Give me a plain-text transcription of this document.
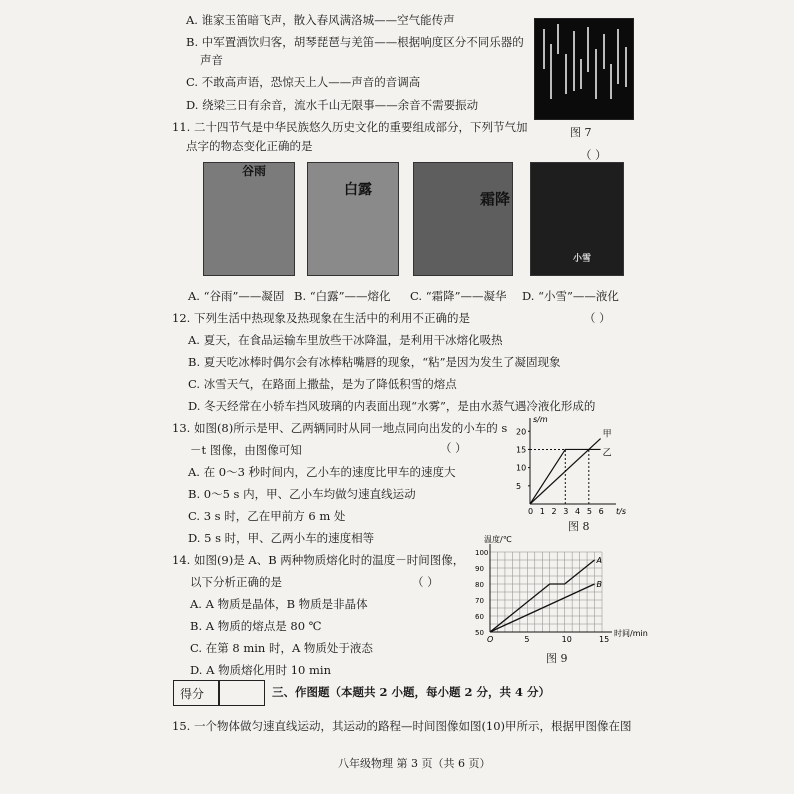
A. 谁家玉笛暗飞声，散入春风满洛城——空气能传声
B. 中军置酒饮归客，胡琴琵琶与羌笛——根据响度区分不同乐器的
声音
C. 不敢高声语，恐惊天上人——声音的音调高
D. 绕梁三日有余音，流水千山无限事——余音不需要振动
图 7
11. 二十四节气是中华民族悠久历史文化的重要组成部分，下列节气加
点字的物态变化正确的是
（ ）
谷雨
白露	霜降
小雪
A. “谷雨”——凝固 B. “白露”——熔化 C. “霜降”——凝华 D. “小雪”——液化
12. 下列生活中热现象及热现象在生活中的利用不正确的是	（ ）
A. 夏天，在食品运输车里放些干冰降温，是利用干冰熔化吸热
B. 夏天吃冰棒时偶尔会有冰棒粘嘴唇的现象，“粘”是因为发生了凝固现象
C. 冰雪天气，在路面上撒盐，是为了降低积雪的熔点
D. 冬天经常在小轿车挡风玻璃的内表面出现“水雾”，是由水蒸气遇冷液化形成的
13. 如图(8)所示是甲、乙两辆同时从同一地点同向出发的小车的 s
－t 图像，由图像可知	（ ）
A. 在 0～3 秒时间内，乙小车的速度比甲车的速度大
B. 0～5 s 内，甲、乙小车均做匀速直线运动
C. 3 s 时，乙在甲前方 6 m 处
D. 5 s 时，甲、乙两小车的速度相等
t/s
s/m
0 1 2 3 4 5 6
5
10
15
20	甲
乙
图 8
14. 如图(9)是 A、B 两种物质熔化时的温度－时间图像，
以下分析正确的是	（ ）
A. A 物质是晶体，B 物质是非晶体
B. A 物质的熔点是 80 ℃
C. 在第 8 min 时，A 物质处于液态
D. A 物质熔化用时 10 min
时间/min
温度/℃
O	5	10	15
50
60
70
80
90
100
A
B
图 9
得分	三、作图题（本题共 2 小题，每小题 2 分，共 4 分）
15. 一个物体做匀速直线运动，其运动的路程—时间图像如图(10)甲所示，根据甲图像在图
八年级物理 第 3 页（共 6 页）
